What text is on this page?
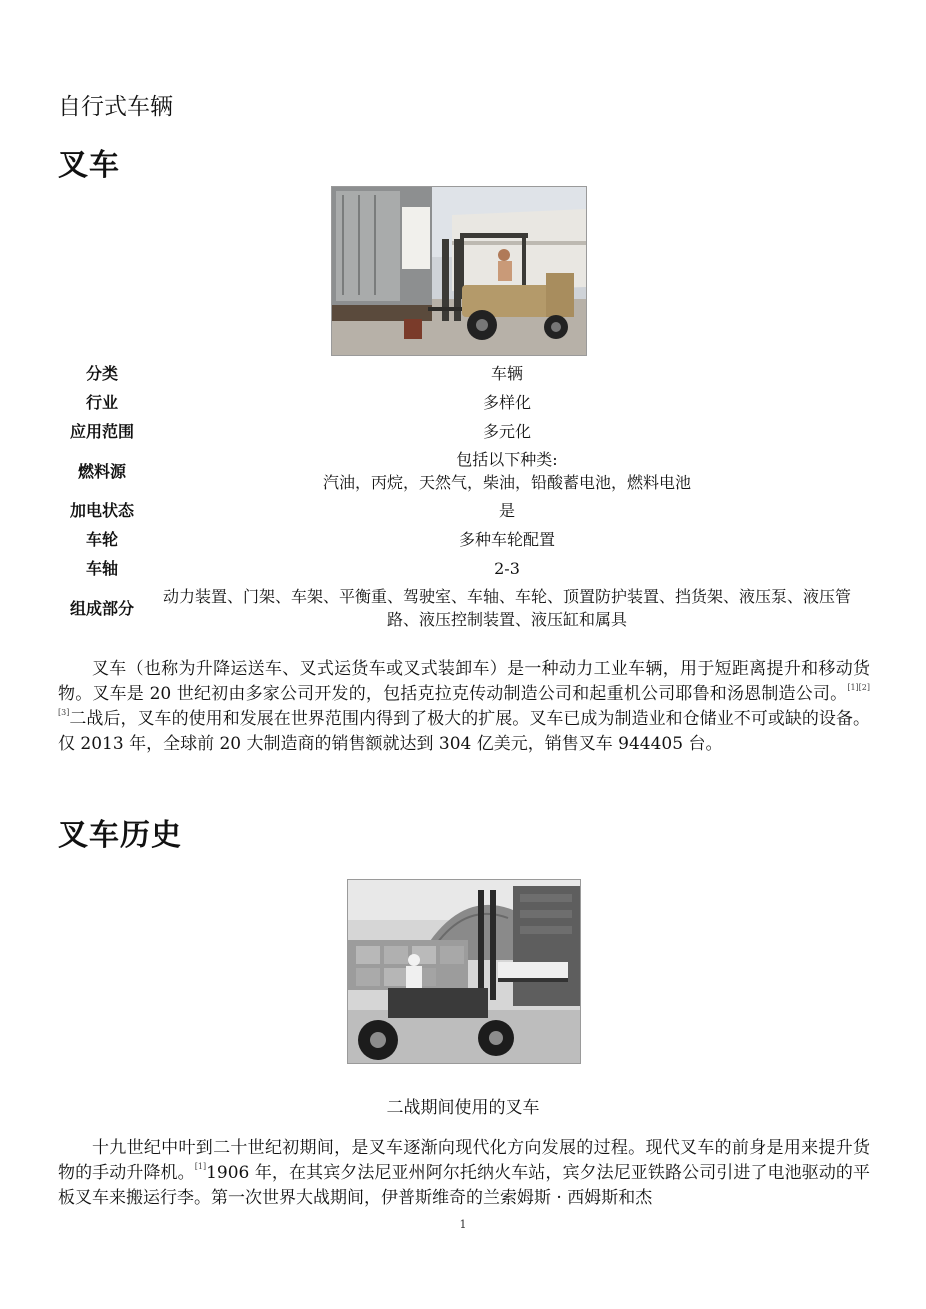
自行式车辆
叉车
分类	车辆
行业	多样化
应用范围	多元化
燃料源	包括以下种类:
汽油，丙烷，天然气，柴油，铅酸蓄电池，燃料电池
加电状态	是
车轮	多种车轮配置
车轴	2-3
组成部分	动力装置、门架、车架、平衡重、驾驶室、车轴、车轮、顶置防护装置、挡货架、液压泵、液压管路、液压控制装置、液压缸和属具

叉车（也称为升降运送车、叉式运货车或叉式装卸车）是一种动力工业车辆，用于短距离提升和移动货物。叉车是 20 世纪初由多家公司开发的，包括克拉克传动制造公司和起重机公司耶鲁和汤恩制造公司。[1][2][3]二战后，叉车的使用和发展在世界范围内得到了极大的扩展。叉车已成为制造业和仓储业不可或缺的设备。仅 2013 年，全球前 20 大制造商的销售额就达到 304 亿美元，销售叉车 944405 台。

叉车历史
二战期间使用的叉车

十九世纪中叶到二十世纪初期间，是叉车逐渐向现代化方向发展的过程。现代叉车的前身是用来提升货物的手动升降机。[1]1906 年，在其宾夕法尼亚州阿尔托纳火车站，宾夕法尼亚铁路公司引进了电池驱动的平板叉车来搬运行李。第一次世界大战期间，伊普斯维奇的兰索姆斯 · 西姆斯和杰

1
